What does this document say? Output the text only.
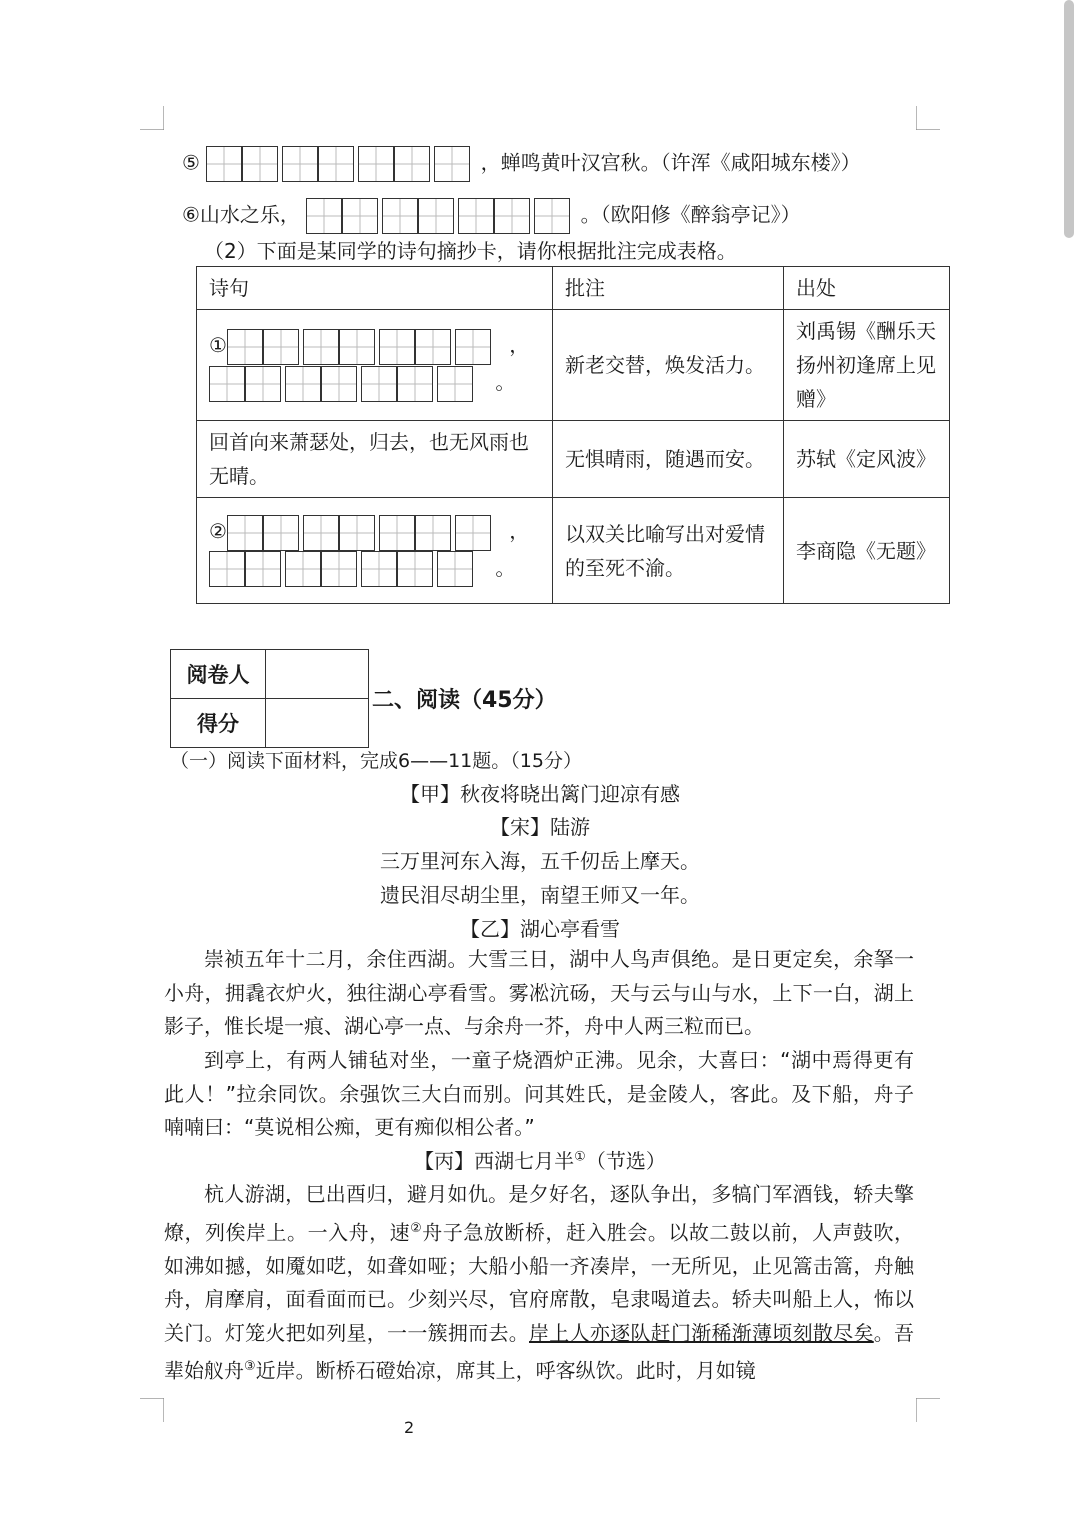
⑤	，蝉鸣黄叶汉宫秋。（许浑《咸阳城东楼》）
⑥山水之乐，	。（欧阳修《醉翁亭记》）
（2）下面是某同学的诗句摘抄卡，请你根据批注完成表格。
诗句	批注	出处

① ，
。	新老交替，焕发活力。	刘禹锡《酬乐天扬州初逢席上见赠》
回首向来萧瑟处，归去，也无风雨也无晴。	无惧晴雨，随遇而安。	苏轼《定风波》

② ，
。	以双关比喻写出对爱情的至死不渝。	李商隐《无题》
阅卷人	
得分	
二、阅读（45分）
（一）阅读下面材料，完成6——11题。（15分）
【甲】秋夜将晓出篱门迎凉有感
【宋】陆游
三万里河东入海，五千仞岳上摩天。
遗民泪尽胡尘里，南望王师又一年。
【乙】湖心亭看雪
崇祯五年十二月，余住西湖。大雪三日，湖中人鸟声俱绝。是日更定矣，余拏一小舟，拥毳衣炉火，独往湖心亭看雪。雾凇沆砀，天与云与山与水，上下一白，湖上影子，惟长堤一痕、湖心亭一点、与余舟一芥，舟中人两三粒而已。
到亭上，有两人铺毡对坐，一童子烧酒炉正沸。见余，大喜曰：“湖中焉得更有此人！”拉余同饮。余强饮三大白而别。问其姓氏，是金陵人，客此。及下船，舟子喃喃曰：“莫说相公痴，更有痴似相公者。”
【丙】西湖七月半①（节选）
杭人游湖，巳出酉归，避月如仇。是夕好名，逐队争出，多犒门军酒钱，轿夫擎燎，列俟岸上。一入舟，速②舟子急放断桥，赶入胜会。以故二鼓以前，人声鼓吹，如沸如撼，如魇如呓，如聋如哑；大船小船一齐凑岸，一无所见，止见篙击篙，舟触舟，肩摩肩，面看面而已。少刻兴尽，官府席散，皂隶喝道去。轿夫叫船上人，怖以关门。灯笼火把如列星，一一簇拥而去。岸上人亦逐队赶门渐稀渐薄顷刻散尽矣。吾辈始舣舟③近岸。断桥石磴始凉，席其上，呼客纵饮。此时，月如镜
2
